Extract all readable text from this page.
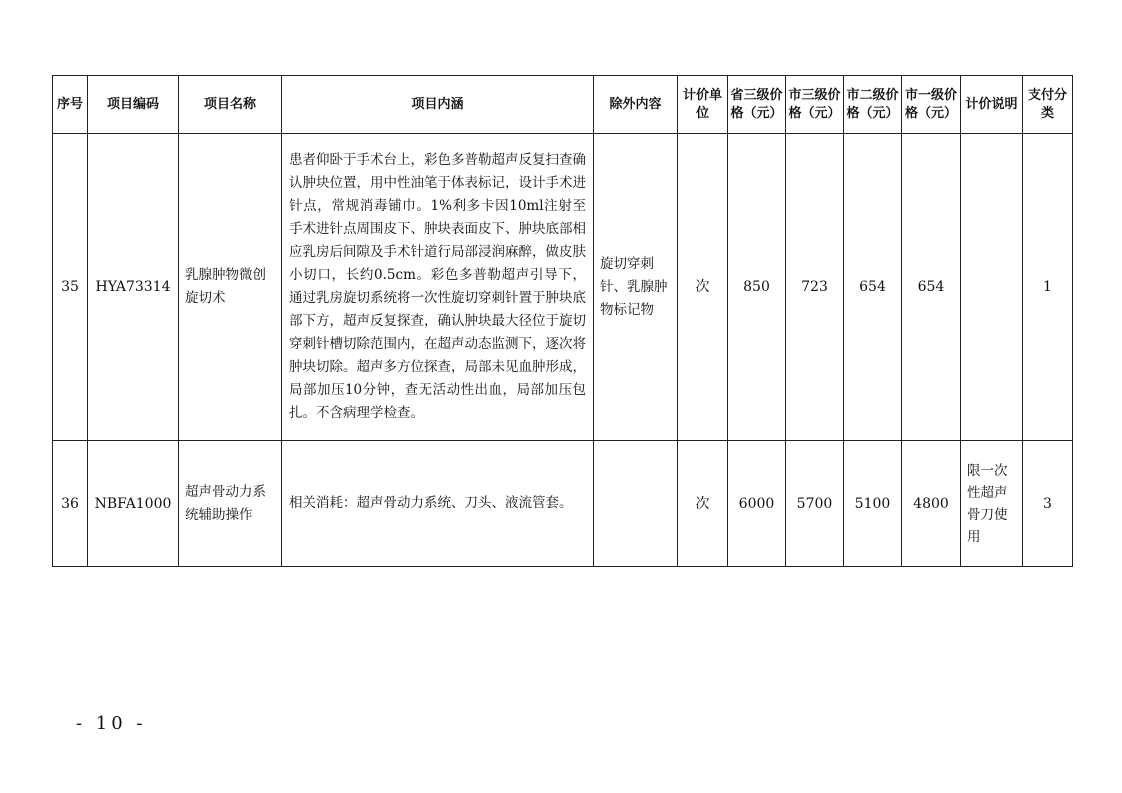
序号	项目编码	项目名称	项目内涵	除外内容	计价单位	省三级价格（元）	市三级价格（元）	市二级价格（元）	市一级价格（元）	计价说明	支付分类
35	HYA73314	乳腺肿物微创旋切术	患者仰卧于手术台上，彩色多普勒超声反复扫查确认肿块位置，用中性油笔于体表标记，设计手术进针点，常规消毒铺巾。1%利多卡因10ml注射至手术进针点周围皮下、肿块表面皮下、肿块底部相应乳房后间隙及手术针道行局部浸润麻醉，做皮肤小切口，长约0.5cm。彩色多普勒超声引导下，通过乳房旋切系统将一次性旋切穿刺针置于肿块底部下方，超声反复探查，确认肿块最大径位于旋切穿刺针槽切除范围内，在超声动态监测下，逐次将肿块切除。超声多方位探查，局部未见血肿形成，局部加压10分钟，查无活动性出血，局部加压包扎。不含病理学检查。	旋切穿刺针、乳腺肿物标记物	次	850	723	654	654		1
36	NBFA1000	超声骨动力系统辅助操作	相关消耗：超声骨动力系统、刀头、液流管套。		次	6000	5700	5100	4800	限一次性超声骨刀使用	3
- 10 -
